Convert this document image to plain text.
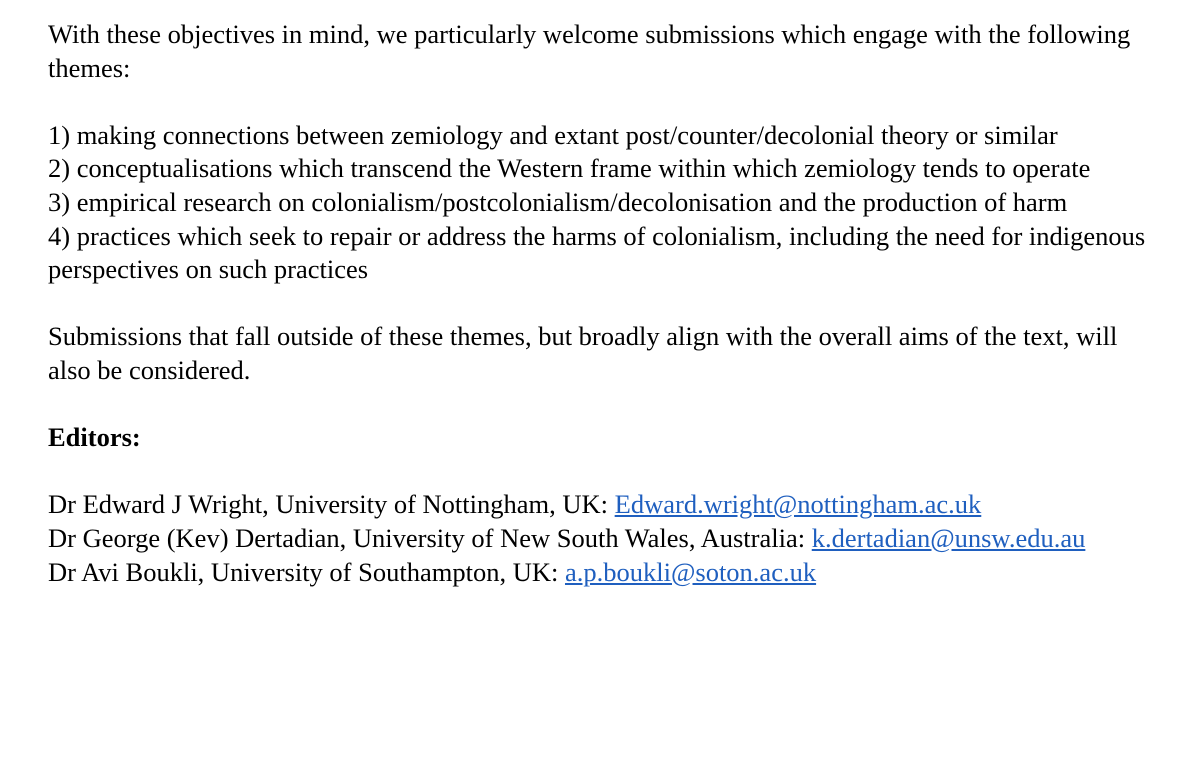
With these objectives in mind, we particularly welcome submissions which engage with the following themes:

1) making connections between zemiology and extant post/counter/decolonial theory or similar

2) conceptualisations which transcend the Western frame within which zemiology tends to operate

3) empirical research on colonialism/postcolonialism/decolonisation and the production of harm

4) practices which seek to repair or address the harms of colonialism, including the need for indigenous perspectives on such practices

Submissions that fall outside of these themes, but broadly align with the overall aims of the text, will also be considered.

Editors:

Dr Edward J Wright, University of Nottingham, UK: Edward.wright@nottingham.ac.uk

Dr George (Kev) Dertadian, University of New South Wales, Australia: k.dertadian@unsw.edu.au

Dr Avi Boukli, University of Southampton, UK: a.p.boukli@soton.ac.uk
